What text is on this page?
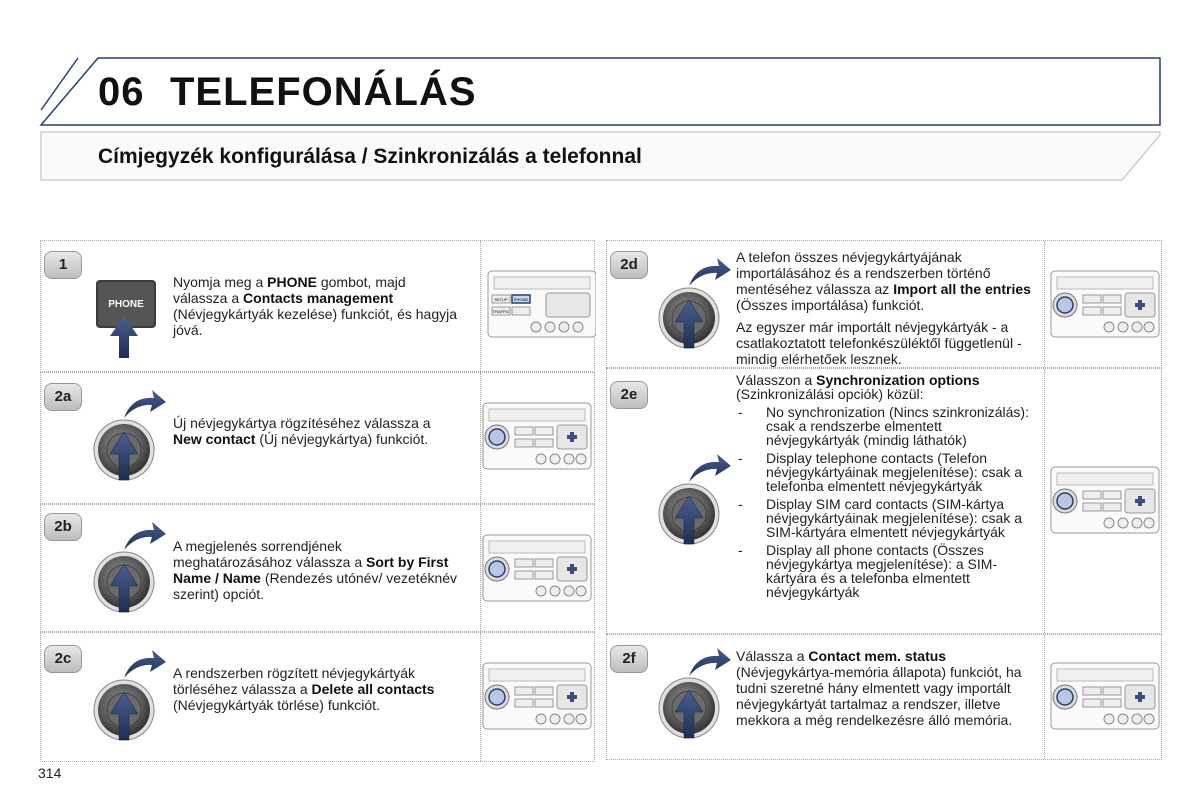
06 TELEFONÁLÁS
Címjegyzék konfigurálása / Szinkronizálás a telefonnal
1
PHONE
Nyomja meg a PHONE gombot, majd válassza a Contacts management (Névjegykártyák kezelése) funkciót, és hagyja jóvá.
SETUP PHONE
TRAFFIC
2a
Új névjegykártya rögzítéséhez válassza a New contact (Új névjegykártya) funkciót.
2b
A megjelenés sorrendjének meghatározásához válassza a Sort by First Name / Name (Rendezés utónév/ vezetéknév szerint) opciót.
2c
A rendszerben rögzített névjegykártyák törléséhez válassza a Delete all contacts (Névjegykártyák törlése) funkciót.
2d	A telefon összes névjegykártyájának importálásához és a rendszerben történő mentéséhez válassza az Import all the entries (Összes importálása) funkciót.

Az egyszer már importált névjegykártyák - a csatlakoztatott telefonkészüléktől függetlenül - mindig elérhetőek lesznek.

2e

Válasszon a Synchronization options (Szinkronizálási opciók) közül:

- No synchronization (Nincs szinkronizálás): csak a rendszerbe elmentett névjegykártyák (mindig láthatók)
- Display telephone contacts (Telefon névjegykártyáinak megjelenítése): csak a telefonba elmentett névjegykártyák
- Display SIM card contacts (SIM-kártya névjegykártyáinak megjelenítése): csak a SIM-kártyára elmentett névjegykártyák
- Display all phone contacts (Összes névjegykártya megjelenítése): a SIM-kártyára és a telefonba elmentett névjegykártyák
2f	Válassza a Contact mem. status (Névjegykártya-memória állapota) funkciót, ha tudni szeretné hány elmentett vagy importált névjegykártyát tartalmaz a rendszer, illetve mekkora a még rendelkezésre álló memória.
314
